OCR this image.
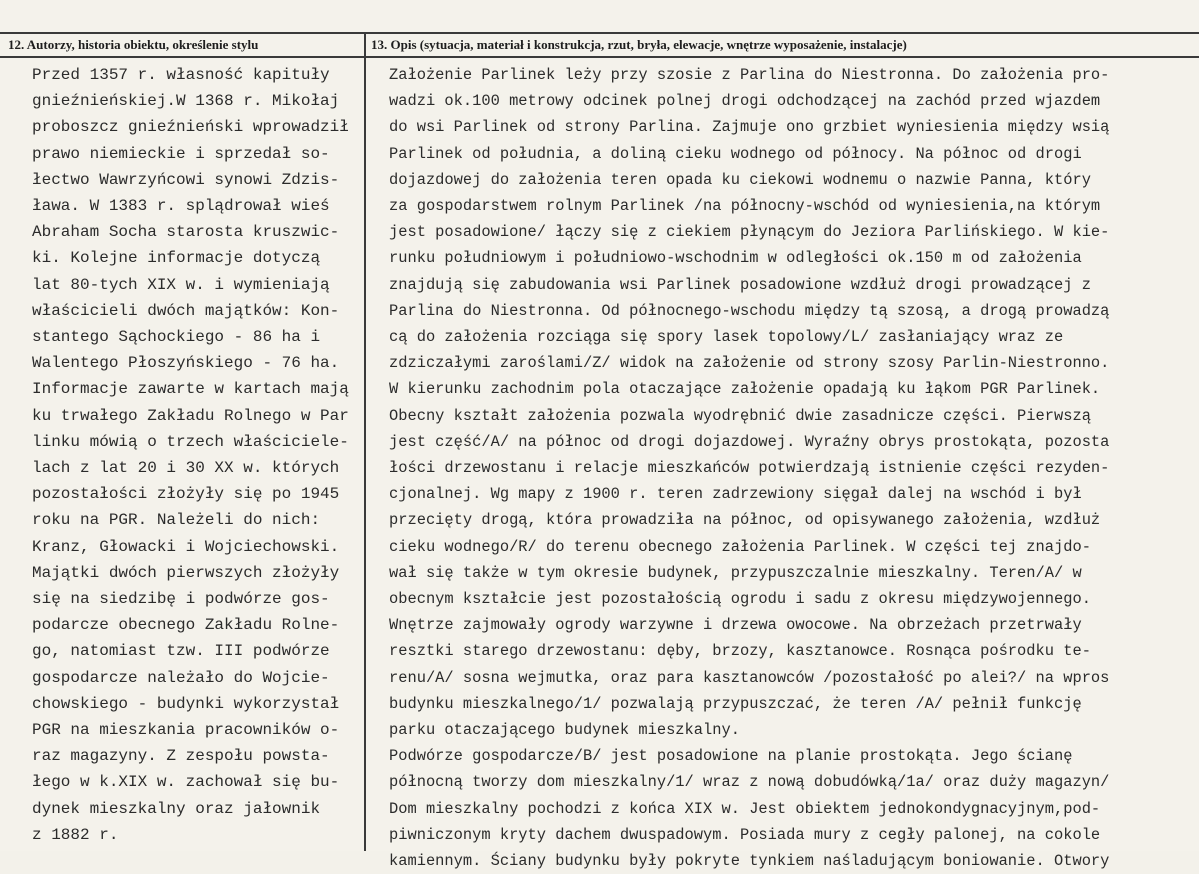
12. Autorzy, historia obiektu, określenie stylu	13. Opis (sytuacja, materiał i konstrukcja, rzut, bryła, elewacje, wnętrze wyposażenie, instalacje)
Przed 1357 r. własność kapituły
gnieźnieńskiej.W 1368 r. Mikołaj
proboszcz gnieźnieński wprowadził
prawo niemieckie i sprzedał so-
łectwo Wawrzyńcowi synowi Zdzis-
ława. W 1383 r. splądrował wieś
Abraham Socha starosta kruszwic-
ki. Kolejne informacje dotyczą
lat 80-tych XIX w. i wymieniają
właścicieli dwóch majątków: Kon-
stantego Sąchockiego - 86 ha i
Walentego Płoszyńskiego - 76 ha.
Informacje zawarte w kartach mają
ku trwałego Zakładu Rolnego w Par
linku mówią o trzech właściciele-
lach z lat 20 i 30 XX w. których
pozostałości złożyły się po 1945
roku na PGR. Należeli do nich:
Kranz, Głowacki i Wojciechowski.
Majątki dwóch pierwszych złożyły
się na siedzibę i podwórze gos-
podarcze obecnego Zakładu Rolne-
go, natomiast tzw. III podwórze
gospodarcze należało do Wojcie-
chowskiego - budynki wykorzystał
PGR na mieszkania pracowników o-
raz magazyny. Z zespołu powsta-
łego w k.XIX w. zachował się bu-
dynek mieszkalny oraz jałownik
z 1882 r.
Założenie Parlinek leży przy szosie z Parlina do Niestronna. Do założenia pro-
wadzi ok.100 metrowy odcinek polnej drogi odchodzącej na zachód przed wjazdem
do wsi Parlinek od strony Parlina. Zajmuje ono grzbiet wyniesienia między wsią
Parlinek od południa, a doliną cieku wodnego od północy. Na północ od drogi
dojazdowej do założenia teren opada ku ciekowi wodnemu o nazwie Panna, który
za gospodarstwem rolnym Parlinek /na północny-wschód od wyniesienia,na którym
jest posadowione/ łączy się z ciekiem płynącym do Jeziora Parlińskiego. W kie-
runku południowym i południowo-wschodnim w odległości ok.150 m od założenia
znajdują się zabudowania wsi Parlinek posadowione wzdłuż drogi prowadzącej z
Parlina do Niestronna. Od północnego-wschodu między tą szosą, a drogą prowadzą
cą do założenia rozciąga się spory lasek topolowy/L/ zasłaniający wraz ze
zdziczałymi zaroślami/Z/ widok na założenie od strony szosy Parlin-Niestronno.
W kierunku zachodnim pola otaczające założenie opadają ku łąkom PGR Parlinek.
Obecny kształt założenia pozwala wyodrębnić dwie zasadnicze części. Pierwszą
jest część/A/ na północ od drogi dojazdowej. Wyraźny obrys prostokąta, pozosta
łości drzewostanu i relacje mieszkańców potwierdzają istnienie części rezyden-
cjonalnej. Wg mapy z 1900 r. teren zadrzewiony sięgał dalej na wschód i był
przecięty drogą, która prowadziła na północ, od opisywanego założenia, wzdłuż
cieku wodnego/R/ do terenu obecnego założenia Parlinek. W części tej znajdo-
wał się także w tym okresie budynek, przypuszczalnie mieszkalny. Teren/A/ w
obecnym kształcie jest pozostałością ogrodu i sadu z okresu międzywojennego.
Wnętrze zajmowały ogrody warzywne i drzewa owocowe. Na obrzeżach przetrwały
resztki starego drzewostanu: dęby, brzozy, kasztanowce. Rosnąca pośrodku te-
renu/A/ sosna wejmutka, oraz para kasztanowców /pozostałość po alei?/ na wpros
budynku mieszkalnego/1/ pozwalają przypuszczać, że teren /A/ pełnił funkcję
parku otaczającego budynek mieszkalny.
Podwórze gospodarcze/B/ jest posadowione na planie prostokąta. Jego ścianę
północną tworzy dom mieszkalny/1/ wraz z nową dobudówką/1a/ oraz duży magazyn/
Dom mieszkalny pochodzi z końca XIX w. Jest obiektem jednokondygnacyjnym,pod-
piwniczonym kryty dachem dwuspadowym. Posiada mury z cegły palonej, na cokole
kamiennym. Ściany budynku były pokryte tynkiem naśladującym boniowanie. Otwory
